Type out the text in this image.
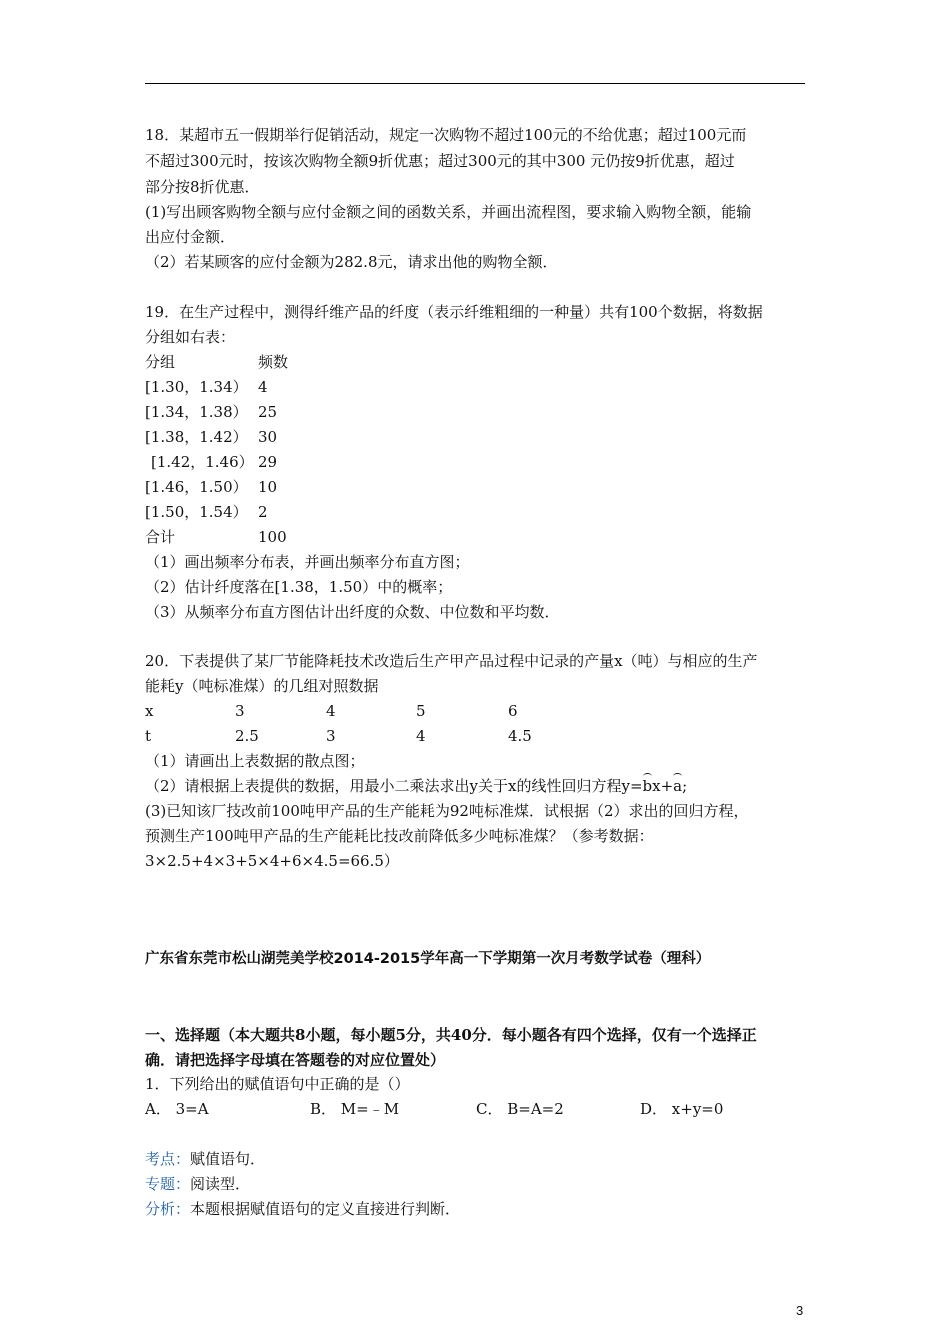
18．某超市五一假期举行促销活动，规定一次购物不超过100元的不给优惠；超过100元而
不超过300元时，按该次购物全额9折优惠；超过300元的其中300 元仍按9折优惠，超过
部分按8折优惠．
(1)写出顾客购物全额与应付金额之间的函数关系，并画出流程图，要求输入购物全额，能输
出应付金额．
（2）若某顾客的应付金额为282.8元，请求出他的购物全额．
19．在生产过程中，测得纤维产品的纤度（表示纤维粗细的一种量）共有100个数据，将数据
分组如右表：
分组	频数
[1.30，1.34） 4
[1.34，1.38） 25
[1.38，1.42） 30
[1.42，1.46） 29
[1.46，1.50） 10
[1.50，1.54） 2
合计	100
（1）画出频率分布表，并画出频率分布直方图；
（2）估计纤度落在[1.38，1.50）中的概率；
（3）从频率分布直方图估计出纤度的众数、中位数和平均数．
20．下表提供了某厂节能降耗技术改造后生产甲产品过程中记录的产量x（吨）与相应的生产
能耗y（吨标准煤）的几组对照数据
x	3	4	5	6
t	2.5	3	4	4.5
（1）请画出上表数据的散点图；
（2）请根据上表提供的数据，用最小二乘法求出y关于x的线性回归方程y=bx+a;
(3)已知该厂技改前100吨甲产品的生产能耗为92吨标准煤．试根据（2）求出的回归方程，
预测生产100吨甲产品的生产能耗比技改前降低多少吨标准煤？（参考数据：
3×2.5+4×3+5×4+6×4.5=66.5）
广东省东莞市松山湖莞美学校2014-2015学年高一下学期第一次月考数学试卷（理科）
一、选择题（本大题共8小题，每小题5分，共40分．每小题各有四个选择，仅有一个选择正
确．请把选择字母填在答题卷的对应位置处）
1．下列给出的赋值语句中正确的是（）
A． 3=A	B． M=﹣M	C． B=A=2	D． x+y=0
考点：赋值语句．
专题：阅读型．
分析：本题根据赋值语句的定义直接进行判断．
3
